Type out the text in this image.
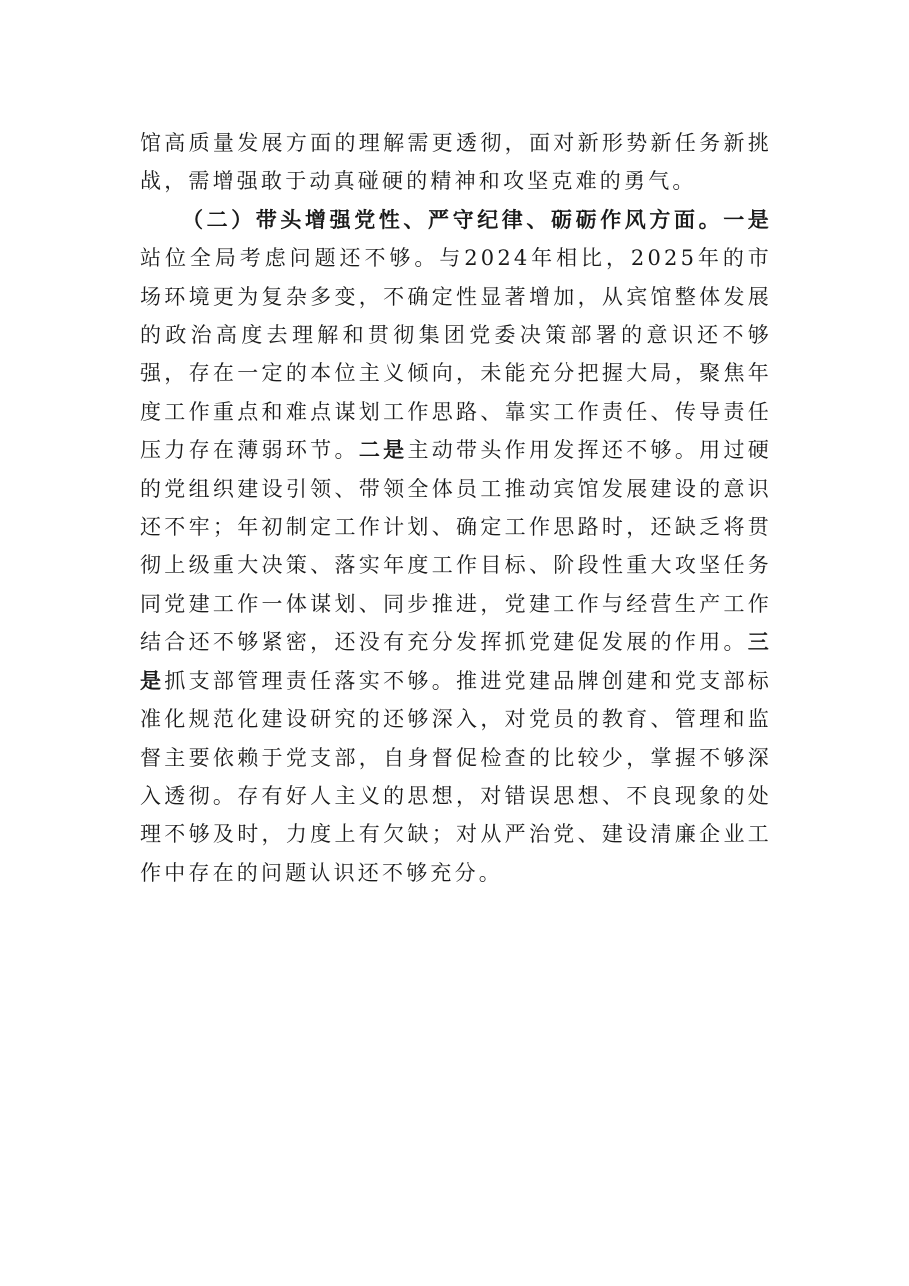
馆高质量发展方面的理解需更透彻，面对新形势新任务新挑战，需增强敢于动真碰硬的精神和攻坚克难的勇气。

（二）带头增强党性、严守纪律、砺砺作风方面。一是站位全局考虑问题还不够。与2024年相比，2025年的市场环境更为复杂多变，不确定性显著增加，从宾馆整体发展的政治高度去理解和贯彻集团党委决策部署的意识还不够强，存在一定的本位主义倾向，未能充分把握大局，聚焦年度工作重点和难点谋划工作思路、靠实工作责任、传导责任压力存在薄弱环节。二是主动带头作用发挥还不够。用过硬的党组织建设引领、带领全体员工推动宾馆发展建设的意识还不牢；年初制定工作计划、确定工作思路时，还缺乏将贯彻上级重大决策、落实年度工作目标、阶段性重大攻坚任务同党建工作一体谋划、同步推进，党建工作与经营生产工作结合还不够紧密，还没有充分发挥抓党建促发展的作用。三是抓支部管理责任落实不够。推进党建品牌创建和党支部标准化规范化建设研究的还够深入，对党员的教育、管理和监督主要依赖于党支部，自身督促检查的比较少，掌握不够深入透彻。存有好人主义的思想，对错误思想、不良现象的处理不够及时，力度上有欠缺；对从严治党、建设清廉企业工作中存在的问题认识还不够充分。
